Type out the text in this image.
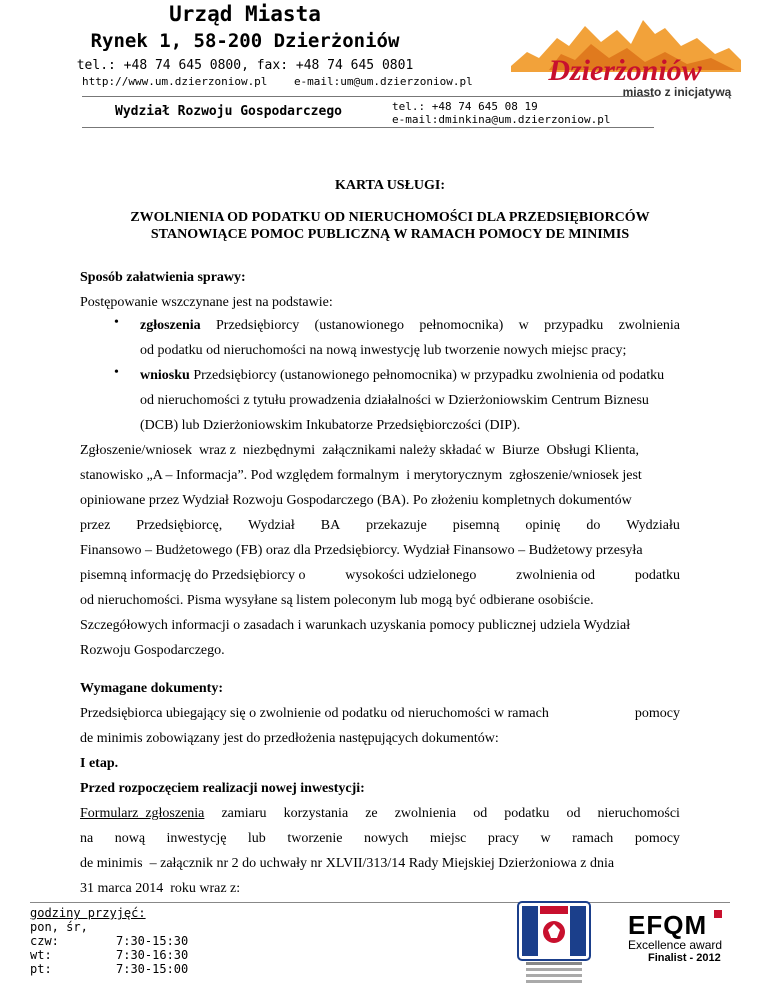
Urząd Miasta
Rynek 1, 58-200 Dzierżoniów
tel.: +48 74 645 0800, fax: +48 74 645 0801
http://www.um.dzierzoniow.pl e-mail:um@um.dzierzoniow.pl
Wydział Rozwoju Gospodarczego	tel.: +48 74 645 08 19
e-mail:dminkina@um.dzierzoniow.pl
Dzierżoniów
miasto z inicjatywą
KARTA USŁUGI:
ZWOLNIENIA OD PODATKU OD NIERUCHOMOŚCI DLA PRZEDSIĘBIORCÓW
STANOWIĄCE POMOC PUBLICZNĄ W RAMACH POMOCY DE MINIMIS
Sposób załatwienia sprawy:
Postępowanie wszczynane jest na podstawie:
• zgłoszenia Przedsiębiorcy (ustanowionego pełnomocnika) w przypadku zwolnienia
od podatku od nieruchomości na nową inwestycję lub tworzenie nowych miejsc pracy;
• wniosku Przedsiębiorcy (ustanowionego pełnomocnika) w przypadku zwolnienia od podatku
od nieruchomości z tytułu prowadzenia działalności w Dzierżoniowskim Centrum Biznesu
(DCB) lub Dzierżoniowskim Inkubatorze Przedsiębiorczości (DIP).
Zgłoszenie/wniosek  wraz z  niezbędnymi  załącznikami należy składać w  Biurze  Obsługi Klienta,
stanowisko „A – Informacja”. Pod względem formalnym  i merytorycznym  zgłoszenie/wniosek jest
opiniowane przez Wydział Rozwoju Gospodarczego (BA). Po złożeniu kompletnych dokumentów
przez Przedsiębiorcę, Wydział BA przekazuje pisemną opinię do Wydziału
Finansowo – Budżetowego (FB) oraz dla Przedsiębiorcy. Wydział Finansowo – Budżetowy przesyła
pisemną informację do Przedsiębiorcy o	wysokości udzielonego	zwolnienia od	podatku
od nieruchomości. Pisma wysyłane są listem poleconym lub mogą być odbierane osobiście.
Szczegółowych informacji o zasadach i warunkach uzyskania pomocy publicznej udziela Wydział
Rozwoju Gospodarczego.
Wymagane dokumenty:
Przedsiębiorca ubiegający się o zwolnienie od podatku od nieruchomości w ramach	pomocy
de minimis zobowiązany jest do przedłożenia następujących dokumentów:
I etap.
Przed rozpoczęciem realizacji nowej inwestycji:
Formularz  zgłoszenia zamiaru korzystania ze zwolnienia od podatku od nieruchomości
na nową inwestycję lub tworzenie nowych miejsc pracy w ramach pomocy
de minimis  – załącznik nr 2 do uchwały nr XLVII/313/14 Rady Miejskiej Dzierżoniowa z dnia
31 marca 2014  roku wraz z:
godziny przyjęć:
pon, śr, czw:	7:30-15:30
wt:	7:30-16:30
pt:	7:30-15:00
EFQM
Excellence award
Finalist - 2012
